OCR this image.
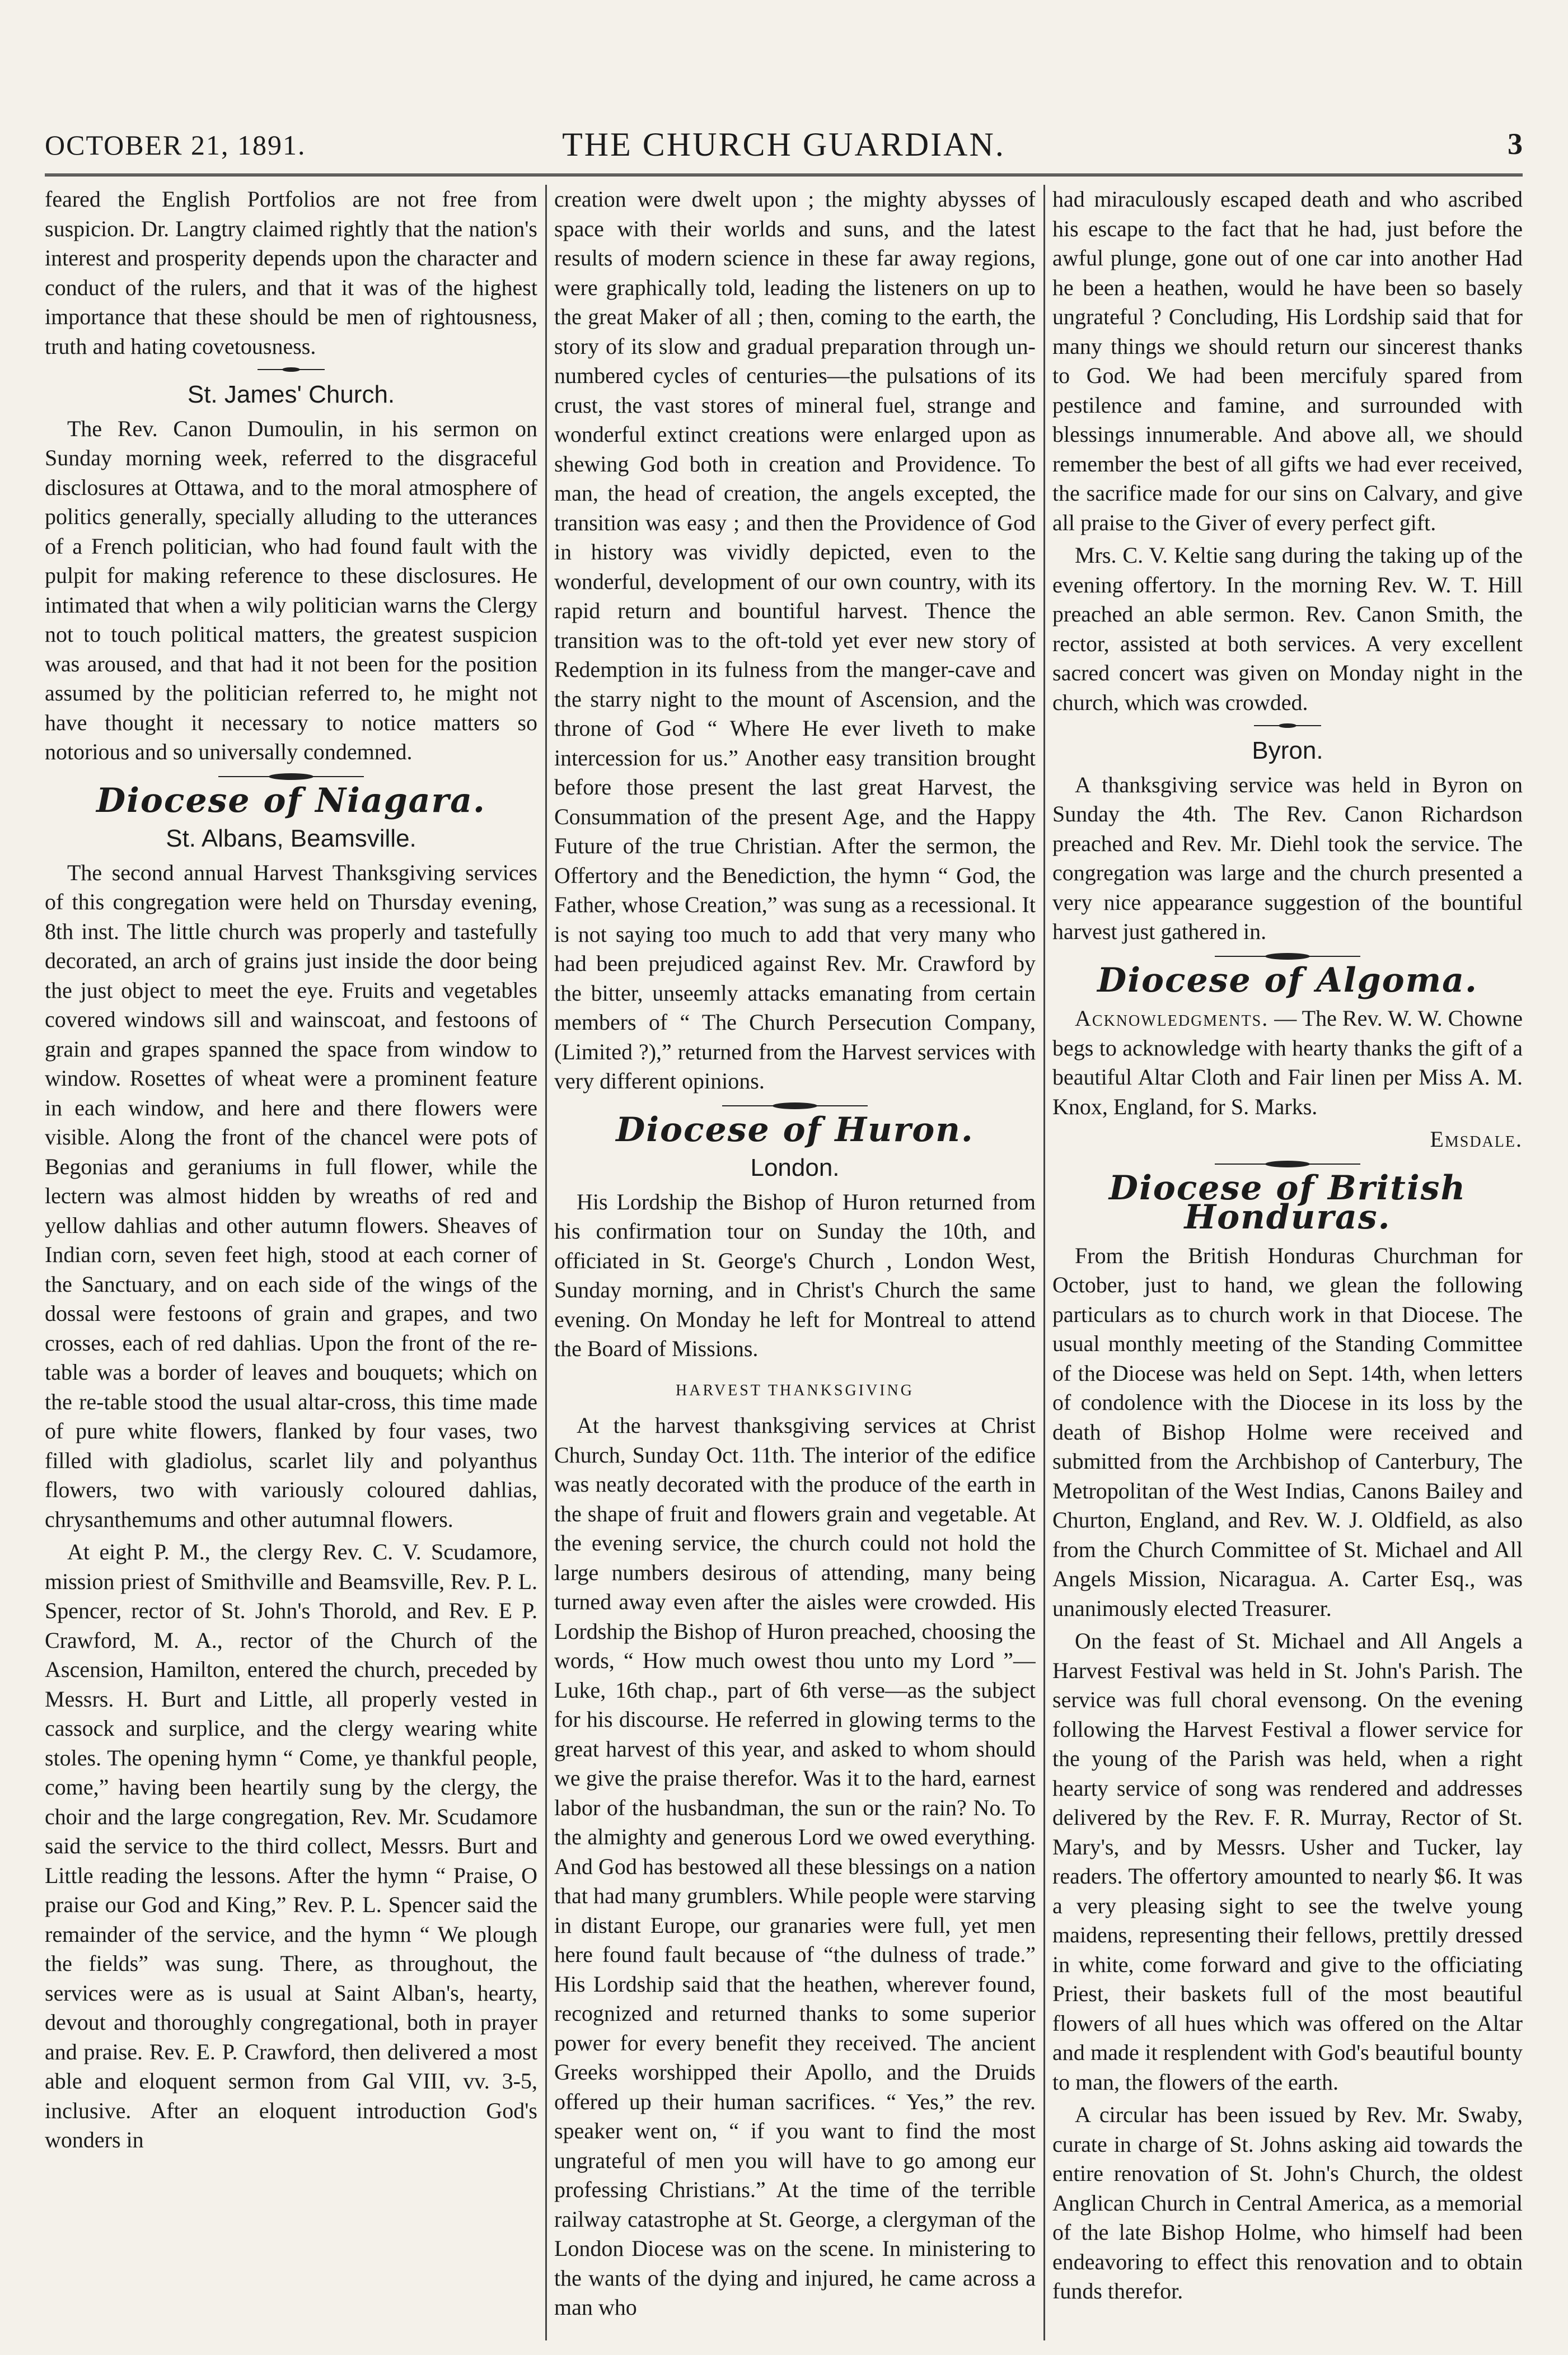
OCTOBER 21, 1891.	THE CHURCH GUARDIAN.	3

feared the English Portfolios are not free from suspicion. Dr. Langtry claimed rightly that the nation's interest and prosperity depends upon the character and conduct of the rulers, and that it was of the highest importance that these should be men of rightousness, truth and hating covetousness.

St. James' Church.

The Rev. Canon Dumoulin, in his sermon on Sunday morning week, referred to the disgraceful disclosures at Ottawa, and to the moral atmosphere of politics generally, specially alluding to the utterances of a French politician, who had found fault with the pulpit for making reference to these disclosures. He intimated that when a wily politician warns the Clergy not to touch political matters, the greatest suspicion was aroused, and that had it not been for the position assumed by the politician referred to, he might not have thought it necessary to notice matters so notorious and so universally condemned.

Diocese of Niagara.
St. Albans, Beamsville.

The second annual Harvest Thanksgiving services of this congregation were held on Thursday evening, 8th inst. The little church was properly and tastefully decorated, an arch of grains just inside the door being the just object to meet the eye. Fruits and vegetables covered windows sill and wainscoat, and festoons of grain and grapes spanned the space from window to window. Rosettes of wheat were a prominent feature in each window, and here and there flowers were visible. Along the front of the chancel were pots of Begonias and geraniums in full flower, while the lectern was almost hidden by wreaths of red and yellow dahlias and other autumn flowers. Sheaves of Indian corn, seven feet high, stood at each corner of the Sanctuary, and on each side of the wings of the dossal were festoons of grain and grapes, and two crosses, each of red dahlias. Upon the front of the re-table was a border of leaves and bouquets; which on the re-table stood the usual altar-cross, this time made of pure white flowers, flanked by four vases, two filled with gladiolus, scarlet lily and polyanthus flowers, two with variously coloured dahlias, chrysanthemums and other autumnal flowers.

At eight P. M., the clergy Rev. C. V. Scudamore, mission priest of Smithville and Beamsville, Rev. P. L. Spencer, rector of St. John's Thorold, and Rev. E P. Crawford, M. A., rector of the Church of the Ascension, Hamilton, entered the church, preceded by Messrs. H. Burt and Little, all properly vested in cassock and surplice, and the clergy wearing white stoles. The opening hymn “ Come, ye thankful people, come,” having been heartily sung by the clergy, the choir and the large congregation, Rev. Mr. Scudamore said the service to the third collect, Messrs. Burt and Little reading the lessons. After the hymn “ Praise, O praise our God and King,” Rev. P. L. Spencer said the remainder of the service, and the hymn “ We plough the fields” was sung. There, as throughout, the services were as is usual at Saint Alban's, hearty, devout and thoroughly congregational, both in prayer and praise. Rev. E. P. Crawford, then delivered a most able and eloquent sermon from Gal VIII, vv. 3-5, inclusive. After an eloquent introduction God's wonders in

creation were dwelt upon ; the mighty abysses of space with their worlds and suns, and the latest results of modern science in these far away regions, were graphically told, leading the listeners on up to the great Maker of all ; then, coming to the earth, the story of its slow and gradual preparation through un-numbered cycles of centuries—the pulsations of its crust, the vast stores of mineral fuel, strange and wonderful extinct creations were enlarged upon as shewing God both in creation and Providence. To man, the head of creation, the angels excepted, the transition was easy ; and then the Providence of God in history was vividly depicted, even to the wonderful, development of our own country, with its rapid return and bountiful harvest. Thence the transition was to the oft-told yet ever new story of Redemption in its fulness from the manger-cave and the starry night to the mount of Ascension, and the throne of God “ Where He ever liveth to make intercession for us.” Another easy transition brought before those present the last great Harvest, the Consummation of the present Age, and the Happy Future of the true Christian. After the sermon, the Offertory and the Benediction, the hymn “ God, the Father, whose Creation,” was sung as a recessional. It is not saying too much to add that very many who had been prejudiced against Rev. Mr. Crawford by the bitter, unseemly attacks emanating from certain members of “ The Church Persecution Company, (Limited ?),” returned from the Harvest services with very different opinions.

Diocese of Huron.
London.

His Lordship the Bishop of Huron returned from his confirmation tour on Sunday the 10th, and officiated in St. George's Church , London West, Sunday morning, and in Christ's Church the same evening. On Monday he left for Montreal to attend the Board of Missions.

HARVEST THANKSGIVING

At the harvest thanksgiving services at Christ Church, Sunday Oct. 11th. The interior of the edifice was neatly decorated with the produce of the earth in the shape of fruit and flowers grain and vegetable. At the evening service, the church could not hold the large numbers desirous of attending, many being turned away even after the aisles were crowded. His Lordship the Bishop of Huron preached, choosing the words, “ How much owest thou unto my Lord ”—Luke, 16th chap., part of 6th verse—as the subject for his discourse. He referred in glowing terms to the great harvest of this year, and asked to whom should we give the praise therefor. Was it to the hard, earnest labor of the husbandman, the sun or the rain? No. To the almighty and generous Lord we owed everything. And God has bestowed all these blessings on a nation that had many grumblers. While people were starving in distant Europe, our granaries were full, yet men here found fault because of “the dulness of trade.” His Lordship said that the heathen, wherever found, recognized and returned thanks to some superior power for every benefit they received. The ancient Greeks worshipped their Apollo, and the Druids offered up their human sacrifices. “ Yes,” the rev. speaker went on, “ if you want to find the most ungrateful of men you will have to go among eur professing Christians.” At the time of the terrible railway catastrophe at St. George, a clergyman of the London Diocese was on the scene. In ministering to the wants of the dying and injured, he came across a man who

had miraculously escaped death and who ascribed his escape to the fact that he had, just before the awful plunge, gone out of one car into another Had he been a heathen, would he have been so basely ungrateful ? Concluding, His Lordship said that for many things we should return our sincerest thanks to God. We had been mercifuly spared from pestilence and famine, and surrounded with blessings innumerable. And above all, we should remember the best of all gifts we had ever received, the sacrifice made for our sins on Calvary, and give all praise to the Giver of every perfect gift.

Mrs. C. V. Keltie sang during the taking up of the evening offertory. In the morning Rev. W. T. Hill preached an able sermon. Rev. Canon Smith, the rector, assisted at both services. A very excellent sacred concert was given on Monday night in the church, which was crowded.

Byron.

A thanksgiving service was held in Byron on Sunday the 4th. The Rev. Canon Richardson preached and Rev. Mr. Diehl took the service. The congregation was large and the church presented a very nice appearance suggestion of the bountiful harvest just gathered in.

Diocese of Algoma.

Acknowledgments. — The Rev. W. W. Chowne begs to acknowledge with hearty thanks the gift of a beautiful Altar Cloth and Fair linen per Miss A. M. Knox, England, for S. Marks.

Emsdale.

Diocese of British Honduras.

From the British Honduras Churchman for October, just to hand, we glean the following particulars as to church work in that Diocese. The usual monthly meeting of the Standing Committee of the Diocese was held on Sept. 14th, when letters of condolence with the Diocese in its loss by the death of Bishop Holme were received and submitted from the Archbishop of Canterbury, The Metropolitan of the West Indias, Canons Bailey and Churton, England, and Rev. W. J. Oldfield, as also from the Church Committee of St. Michael and All Angels Mission, Nicaragua. A. Carter Esq., was unanimously elected Treasurer.

On the feast of St. Michael and All Angels a Harvest Festival was held in St. John's Parish. The service was full choral evensong. On the evening following the Harvest Festival a flower service for the young of the Parish was held, when a right hearty service of song was rendered and addresses delivered by the Rev. F. R. Murray, Rector of St. Mary's, and by Messrs. Usher and Tucker, lay readers. The offertory amounted to nearly $6. It was a very pleasing sight to see the twelve young maidens, representing their fellows, prettily dressed in white, come forward and give to the officiating Priest, their baskets full of the most beautiful flowers of all hues which was offered on the Altar and made it resplendent with God's beautiful bounty to man, the flowers of the earth.

A circular has been issued by Rev. Mr. Swaby, curate in charge of St. Johns asking aid towards the entire renovation of St. John's Church, the oldest Anglican Church in Central America, as a memorial of the late Bishop Holme, who himself had been endeavoring to effect this renovation and to obtain funds therefor.
